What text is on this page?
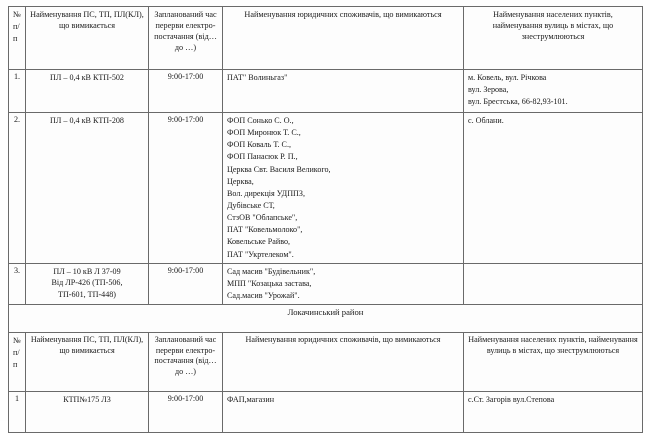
№
п/
п	Найменування ПС, ТП, ПЛ(КЛ), що вимикається	Запланований час перерви електро- постачання (від… до …)	Найменування юридичних споживачів, що вимикаються	Найменування населених пунктів, найменування вулиць в містах, що знеструмлюються
1.	ПЛ – 0,4 кВ КТП-502	9:00-17:00	ПАТ" Волиньгаз"	м. Ковель, вул. Річкова
вул. Зерова,
вул. Брестська, 66-82,93-101.

2.	ПЛ – 0,4 кВ КТП-208	9:00-17:00	ФОП Сонько С. О.,
ФОП Миронюк Т. С.,
ФОП Коваль Т. С.,
ФОП Панасюк Р. П.,
Церква Свт. Василя Великого,
Церква,
Вол. дирекція УДППЗ,
Дубівське СТ,
СтзОВ "Облапське",
ПАТ "Ковельмолоко",
Ковельське Райво,
ПАТ "Укртелеком".

с. Облани.

3.	ПЛ – 10 кВ Л 37-09
Від ЛР-426 (ТП-506,
ТП-601, ТП-448)	9:00-17:00	Сад масив "Будівельник",
МПП "Козацька застава,
Сад.масив "Урожай".	

Локачинський район				

№
п/
п	Найменування ПС, ТП, ПЛ(КЛ), що вимикається	Запланований час перерви електро- постачання (від… до …)	Найменування юридичних споживачів, що вимикаються	Найменування населених пунктів, найменування вулиць в містах, що знеструмлюються
1	КТП№175 Л3	9:00-17:00	ФАП,магазин	с.Ст. Загорів вул.Степова
